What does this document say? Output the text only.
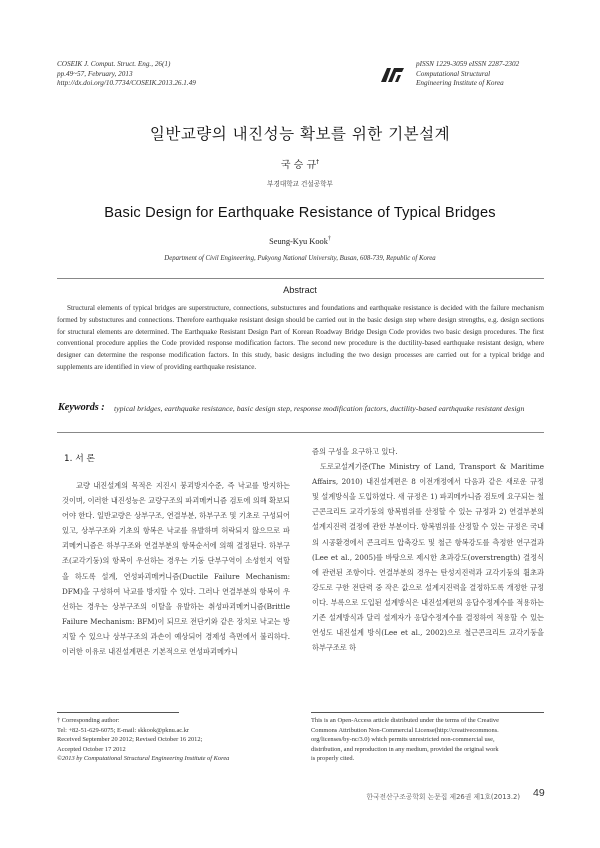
COSEIK J. Comput. Struct. Eng., 26(1)
pp.49~57, February, 2013
http://dx.doi.org/10.7734/COSEIK.2013.26.1.49
pISSN 1229-3059 eISSN 2287-2302
Computational Structural
Engineering Institute of Korea
일반교량의 내진성능 확보를 위한 기본설계
국 승 규†
부경대학교 건설공학부
Basic Design for Earthquake Resistance of Typical Bridges
Seung-Kyu Kook†
Department of Civil Engineering, Pukyong National University, Busan, 608-739, Republic of Korea
Abstract

Structural elements of typical bridges are superstructure, connections, substuctures and foundations and earthquake resistance is decided with the failure mechanism formed by substuctures and connections. Therefore earthquake resistant design should be carried out in the basic design step where design strengths, e.g. design sections for structural elements are determined. The Earthquake Resistant Design Part of Korean Roadway Bridge Design Code provides two basic design procedures. The first conventional procedure applies the Code provided response modification factors. The second new procedure is the ductility-based earthquake resistant design, where designer can determine the response modification factors. In this study, basic designs including the two design processes are carried out for a typical bridge and supplements are identified in view of providing earthquake resistance.

Keywords : typical bridges, earthquake resistance, basic design step, response modification factors, ductility-based earthquake resistant design
1. 서 론

교량 내진설계의 목적은 지진시 붕괴방지수준, 즉 낙교를 방지하는 것이며, 이러한 내진성능은 교량구조의 파괴메커니즘 검토에 의해 확보되어야 한다. 일반교량은 상부구조, 연결부분, 하부구조 및 기초로 구성되어 있고, 상부구조와 기초의 항복은 낙교를 유발하며 허락되지 않으므로 파괴메커니즘은 하부구조와 연결부분의 항복순서에 의해 결정된다. 하부구조(교각기둥)의 항복이 우선하는 경우는 기둥 단부구역이 소성힌지 역할을 하도록 설계, 연성파괴메커니즘(Ductile Failure Mechanism: DFM)을 구성하여 낙교를 방지할 수 있다. 그러나 연결부분의 항복이 우선하는 경우는 상부구조의 이탈을 유발하는 취성파괴메커니즘(Brittle Failure Mechanism: BFM)이 되므로 전단키와 같은 장치로 낙교는 방지할 수 있으나 상부구조의 과손이 예상되어 경제성 측면에서 불리하다. 이러한 이유로 내진설계편은 기본적으로 연성파괴메카니

즘의 구성을 요구하고 있다.

도로교설계기준(The Ministry of Land, Transport & Maritime Affairs, 2010) 내진설계편은 8 이전개정에서 다음과 같은 새로운 규정 및 설계방식을 도입하였다. 새 규정은 1) 파괴메카니즘 검토에 요구되는 철근콘크리트 교각기둥의 항복범위를 산정할 수 있는 규정과 2) 연결부분의 설계지진력 결정에 관한 부분이다. 항복범위를 산정할 수 있는 규정은 국내의 시공환경에서 콘크리트 압축강도 및 철근 항복강도를 측정한 연구결과(Lee et al., 2005)를 바탕으로 제시한 초과강도(overstrength) 결정식에 관련된 조항이다. 연결부분의 경우는 탄성지진력과 교각기둥의 휨초과강도로 구한 전단력 중 작은 값으로 설계지진력을 결정하도록 개정한 규정이다. 부록으로 도입된 설계방식은 내진설계편의 응답수정계수를 적용하는 기존 설계방식과 달리 설계자가 응답수정계수를 결정하여 적용할 수 있는 연성도 내진설계 방식(Lee et al., 2002)으로 철근콘크리트 교각기둥을 하부구조로 하

† Corresponding author:
Tel: +82-51-629-6075; E-mail: skkook@pknu.ac.kr
Received September 20 2012; Revised October 16 2012;
Accepted October 17 2012
©2013 by Computational Structural Engineering Institute of Korea
This is an Open-Access article distributed under the terms of the Creative
Commons Attribution Non-Commercial License(http://creativecommons.
org/licenses/by-nc/3.0) which permits unrestricted non-commercial use,
distribution, and reproduction in any medium, provided the original work
is properly cited.
한국전산구조공학회 논문집 제26권 제1호(2013.2) 49
